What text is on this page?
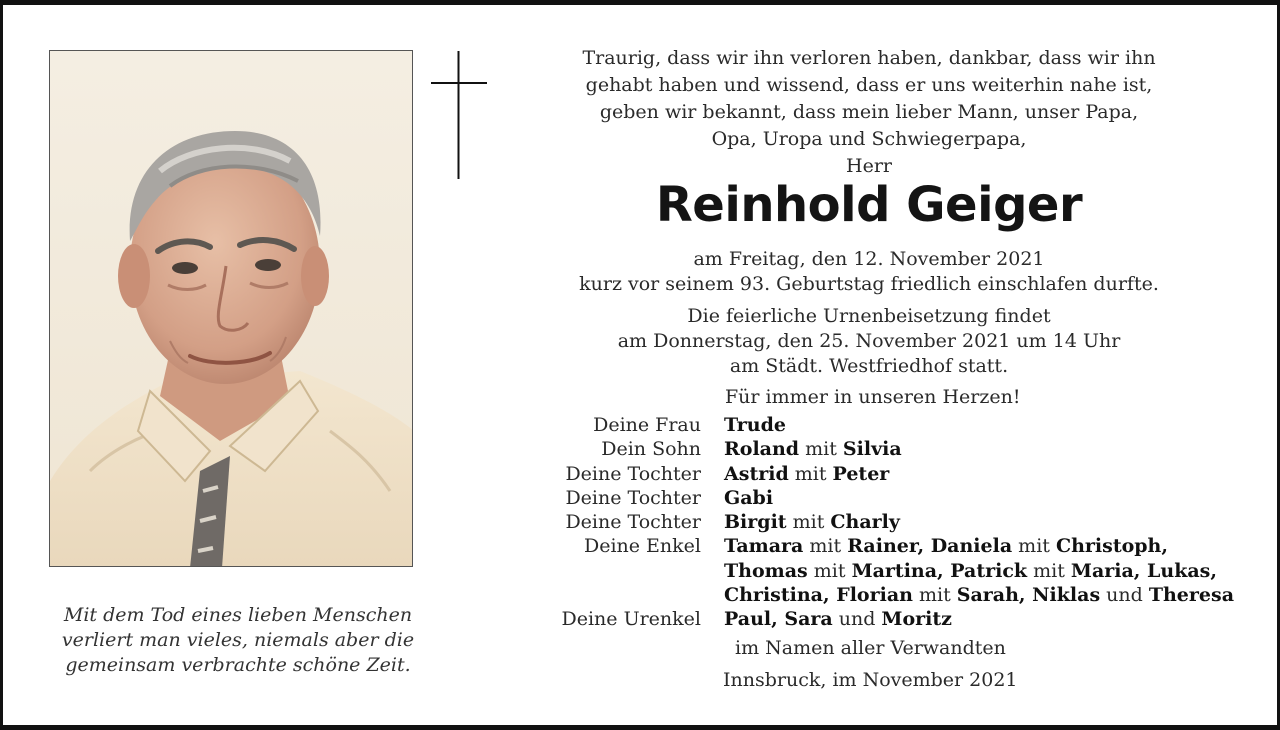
Mit dem Tod eines lieben Menschen
verliert man vieles, niemals aber die
gemeinsam verbrachte schöne Zeit.
Traurig, dass wir ihn verloren haben, dankbar, dass wir ihn
gehabt haben und wissend, dass er uns weiterhin nahe ist,
geben wir bekannt, dass mein lieber Mann, unser Papa,
Opa, Uropa und Schwiegerpapa,
Herr
Reinhold Geiger
am Freitag, den 12. November 2021
kurz vor seinem 93. Geburtstag friedlich einschlafen durfte.
Die feierliche Urnenbeisetzung findet
am Donnerstag, den 25. November 2021 um 14 Uhr
am Städt. Westfriedhof statt.
Für immer in unseren Herzen!
Deine Frau Trude
Dein Sohn Roland mit Silvia
Deine Tochter Astrid mit Peter
Deine Tochter Gabi
Deine Tochter Birgit mit Charly
Deine Enkel Tamara mit Rainer, Daniela mit Christoph,
Thomas mit Martina, Patrick mit Maria, Lukas,
Christina, Florian mit Sarah, Niklas und Theresa
Deine Urenkel Paul, Sara und Moritz
im Namen aller Verwandten
Innsbruck, im November 2021
